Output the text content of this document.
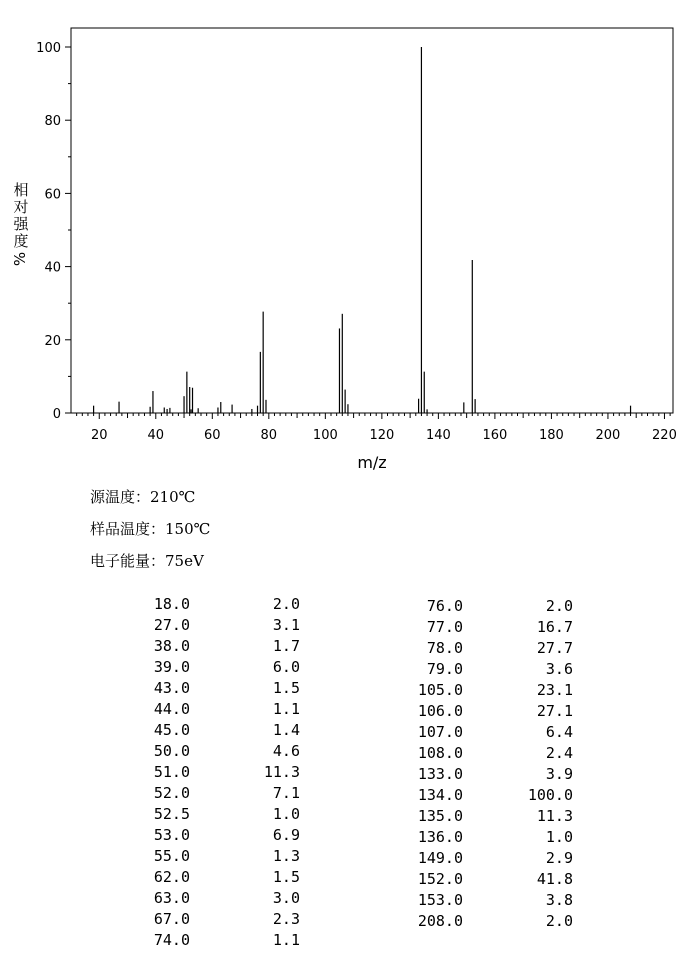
0
20
40
60
80
100
20	40	60	80	100 120 140 160 180 200 220
m/z
相
对
强
度
%
源温度：210℃
样品温度：150℃
电子能量：75eV
18.0	2.0
27.0	3.1
38.0	1.7
39.0	6.0
43.0	1.5
44.0	1.1
45.0	1.4
50.0	4.6
51.0	11.3
52.0	7.1
52.5	1.0
53.0	6.9
55.0	1.3
62.0	1.5
63.0	3.0
67.0	2.3
74.0	1.1
76.0	2.0
77.0	16.7
78.0	27.7
79.0	3.6
105.0	23.1
106.0	27.1
107.0	6.4
108.0	2.4
133.0	3.9
134.0	100.0
135.0	11.3
136.0	1.0
149.0	2.9
152.0	41.8
153.0	3.8
208.0	2.0
